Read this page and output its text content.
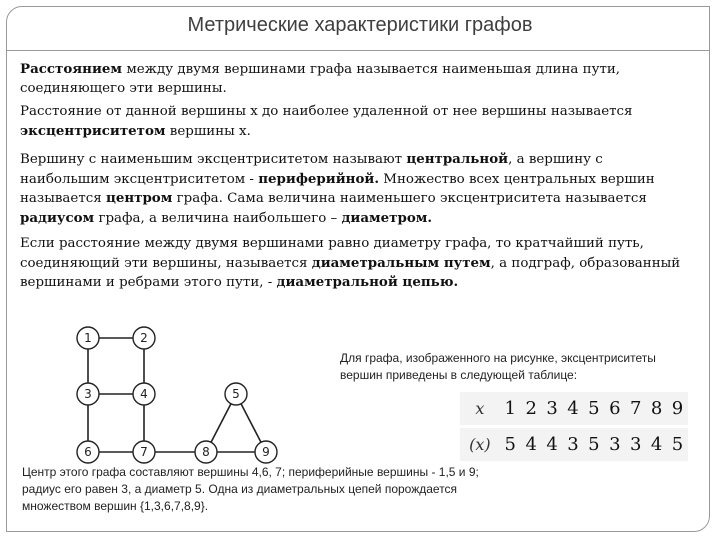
Метрические характеристики графов
Расстоянием между двумя вершинами графа называется наименьшая длина пути, соединяющего эти вершины.
Расстояние от данной вершины х до наиболее удаленной от нее вершины называется эксцентриситетом вершины х.
Вершину с наименьшим эксцентриситетом называют центральной, а вершину с наибольшим эксцентриситетом - периферийной. Множество всех центральных вершин называется центром графа. Сама величина наименьшего эксцентриситета называется радиусом графа, а величина наибольшего – диаметром.
Если расстояние между двумя вершинами равно диаметру графа, то кратчайший путь, соединяющий эти вершины, называется диаметральным путем, а подграф, образованный вершинами и ребрами этого пути, - диаметральной цепью.
1	2
3	4	5
6	7	8	9
Для графа, изображенного на рисунке, эксцентриситеты вершин приведены в следующей таблице:
x	1 2 3 4 5 6 7 8 9
(x) 5 4 4 3 5 3 3 4 5
Центр этого графа составляют вершины 4,6, 7; периферийные вершины - 1,5 и 9; радиус его равен 3, а диаметр 5. Одна из диаметральных цепей порождается множеством вершин {1,3,6,7,8,9}.
